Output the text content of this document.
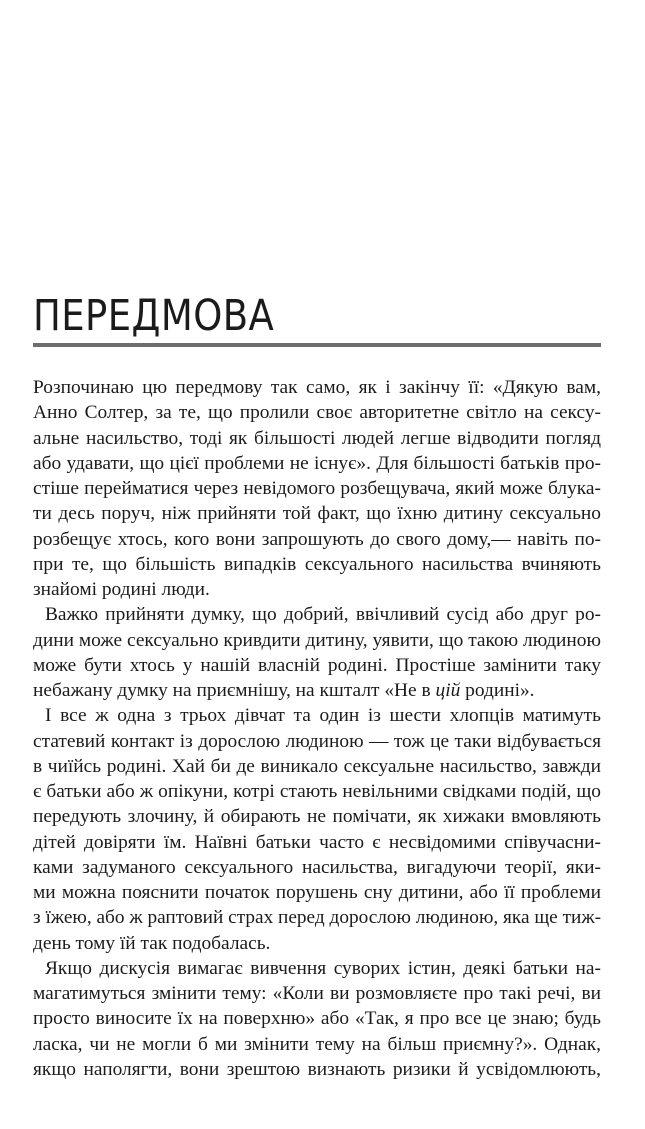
ПЕРЕДМОВА
Розпочинаю цю передмову так само, як і закінчу її: «Дякую вам,
Анно Солтер, за те, що пролили своє авторитетне світло на сексу-
альне насильство, тоді як більшості людей легше відводити погляд
або удавати, що цієї проблеми не існує». Для більшості батьків про-
стіше перейматися через невідомого розбещувача, який може блука-
ти десь поруч, ніж прийняти той факт, що їхню дитину сексуально
розбещує хтось, кого вони запрошують до свого дому,— навіть по-
при те, що більшість випадків сексуального насильства вчиняють
знайомі родині люди.
Важко прийняти думку, що добрий, ввічливий сусід або друг ро-
дини може сексуально кривдити дитину, уявити, що такою людиною
може бути хтось у нашій власній родині. Простіше замінити таку
небажану думку на приємнішу, на кшталт «Не в цій родині».
І все ж одна з трьох дівчат та один із шести хлопців матимуть
статевий контакт із дорослою людиною — тож це таки відбувається
в чиїйсь родині. Хай би де виникало сексуальне насильство, завжди
є батьки або ж опікуни, котрі стають невільними свідками подій, що
передують злочину, й обирають не помічати, як хижаки вмовляють
дітей довіряти їм. Наївні батьки часто є несвідомими співучасни-
ками задуманого сексуального насильства, вигадуючи теорії, яки-
ми можна пояснити початок порушень сну дитини, або її проблеми
з їжею, або ж раптовий страх перед дорослою людиною, яка ще тиж-
день тому їй так подобалась.
Якщо дискусія вимагає вивчення суворих істин, деякі батьки на-
магатимуться змінити тему: «Коли ви розмовляєте про такі речі, ви
просто виносите їх на поверхню» або «Так, я про все це знаю; будь
ласка, чи не могли б ми змінити тему на більш приємну?». Однак,
якщо наполягти, вони зрештою визнають ризики й усвідомлюють,
